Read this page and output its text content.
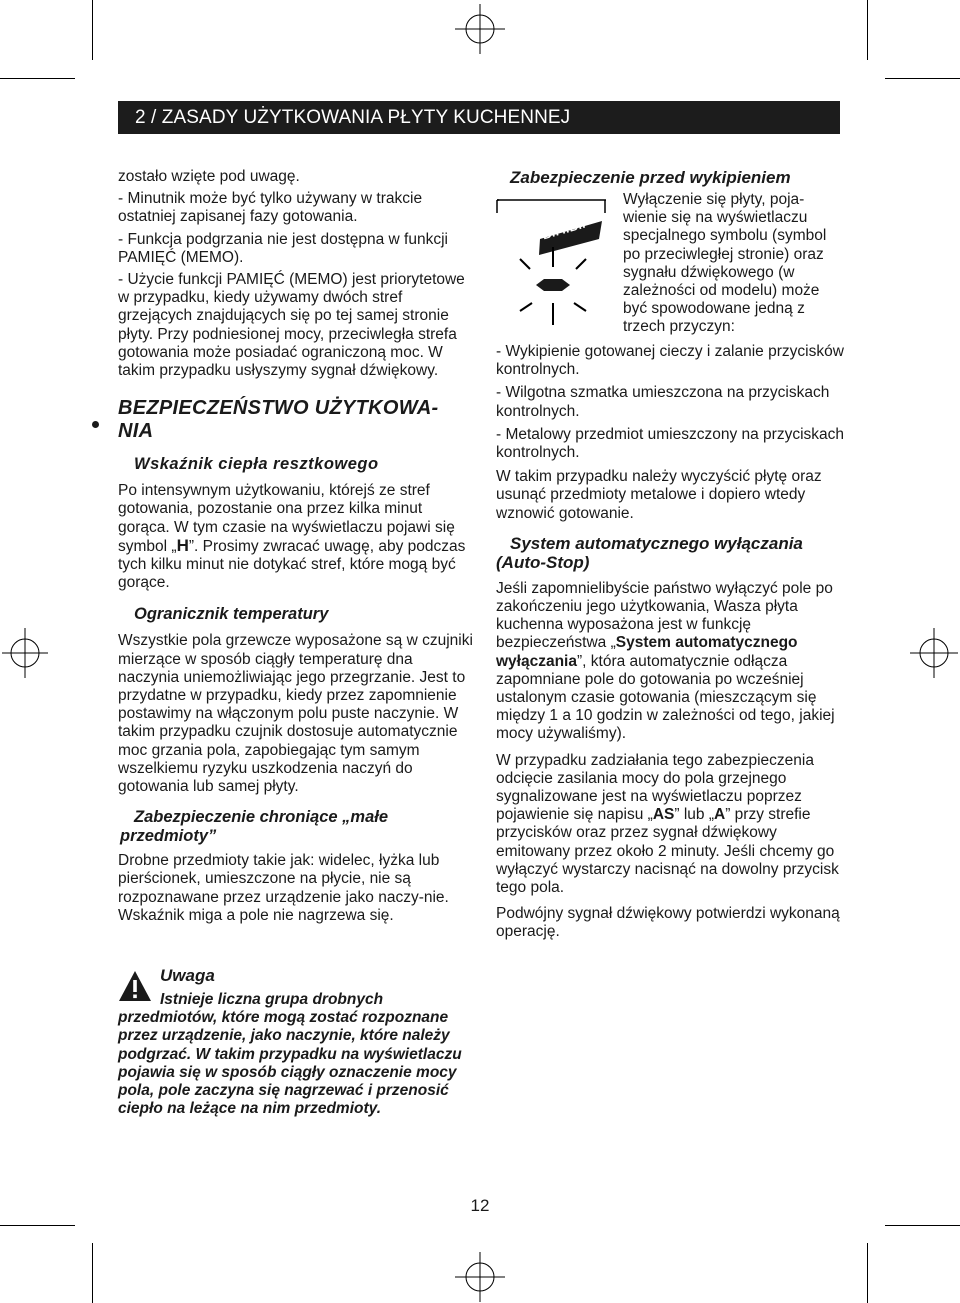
2 / ZASADY UŻYTKOWANIA PŁYTY KUCHENNEJ

zostało wzięte pod uwagę.

- Minutnik może być tylko używany w trakcie ostatniej zapisanej fazy gotowania.

- Funkcja podgrzania nie jest dostępna w funkcji PAMIĘĆ (MEMO).

- Użycie funkcji PAMIĘĆ (MEMO) jest priorytetowe w przypadku, kiedy używamy dwóch stref grzejących znajdujących się po tej samej stronie płyty. Przy podniesionej mocy, przeciwległa strefa gotowania może posiadać ograniczoną moc. W takim przypadku usłyszymy sygnał dźwiękowy.

BEZPIECZEŃSTWO UŻYTKOWA-NIA

Wskaźnik ciepła resztkowego

Po intensywnym użytkowaniu, którejś ze stref gotowania, pozostanie ona przez kilka minut gorąca. W tym czasie na wyświetlaczu pojawi się symbol „H”. Prosimy zwracać uwagę, aby podczas tych kilku minut nie dotykać stref, które mogą być gorące.

Ogranicznik temperatury

Wszystkie pola grzewcze wyposażone są w czujniki mierzące w sposób ciągły temperaturę dna naczynia uniemożliwiając jego przegrzanie. Jest to przydatne w przypadku, kiedy przez zapomnienie postawimy na włączonym polu puste naczynie. W takim przypadku czujnik dostosuje automatycznie moc grzania pola, zapobiegając tym samym wszelkiemu ryzyku uszkodzenia naczyń do gotowania lub samej płyty.

Zabezpieczenie chroniące „małe przedmioty”

Drobne przedmioty takie jak: widelec, łyżka lub pierścionek, umieszczone na płycie, nie są rozpoznawane przez urządzenie jako naczy-nie. Wskaźnik miga a pole nie nagrzewa się.

Uwaga

Istnieje liczna grupa drobnych przedmiotów, które mogą zostać rozpoznane przez urządzenie, jako naczynie, które należy podgrzać. W takim przypadku na wyświetlaczu pojawia się w sposób ciągły oznaczenie mocy pola, pole zaczyna się nagrzewać i przenosić ciepło na leżące na nim przedmioty.

Zabezpieczenie przed wykipieniem

BIP..BIP

Wyłączenie się płyty, poja-wienie się na wyświetlaczu specjalnego symbolu (symbol po przeciwległej stronie) oraz sygnału dźwiękowego (w zależności od modelu) może być spowodowane jedną z trzech przyczyn:

- Wykipienie gotowanej cieczy i zalanie przycisków kontrolnych.

- Wilgotna szmatka umieszczona na przyciskach kontrolnych.

- Metalowy przedmiot umieszczony na przyciskach kontrolnych.

W takim przypadku należy wyczyścić płytę oraz usunąć przedmioty metalowe i dopiero wtedy wznowić gotowanie.

System automatycznego wyłączania (Auto-Stop)

Jeśli zapomnielibyście państwo wyłączyć pole po zakończeniu jego użytkowania, Wasza płyta kuchenna wyposażona jest w funkcję bezpieczeństwa „System automatycznego wyłączania”, która automatycznie odłącza zapomniane pole do gotowania po wcześniej ustalonym czasie gotowania (mieszczącym się między 1 a 10 godzin w zależności od tego, jakiej mocy używaliśmy).

W przypadku zadziałania tego zabezpieczenia odcięcie zasilania mocy do pola grzejnego sygnalizowane jest na wyświetlaczu poprzez pojawienie się napisu „AS” lub „A” przy strefie przycisków oraz przez sygnał dźwiękowy emitowany przez około 2 minuty. Jeśli chcemy go wyłączyć wystarczy nacisnąć na dowolny przycisk tego pola.

Podwójny sygnał dźwiękowy potwierdzi wykonaną operację.

12
